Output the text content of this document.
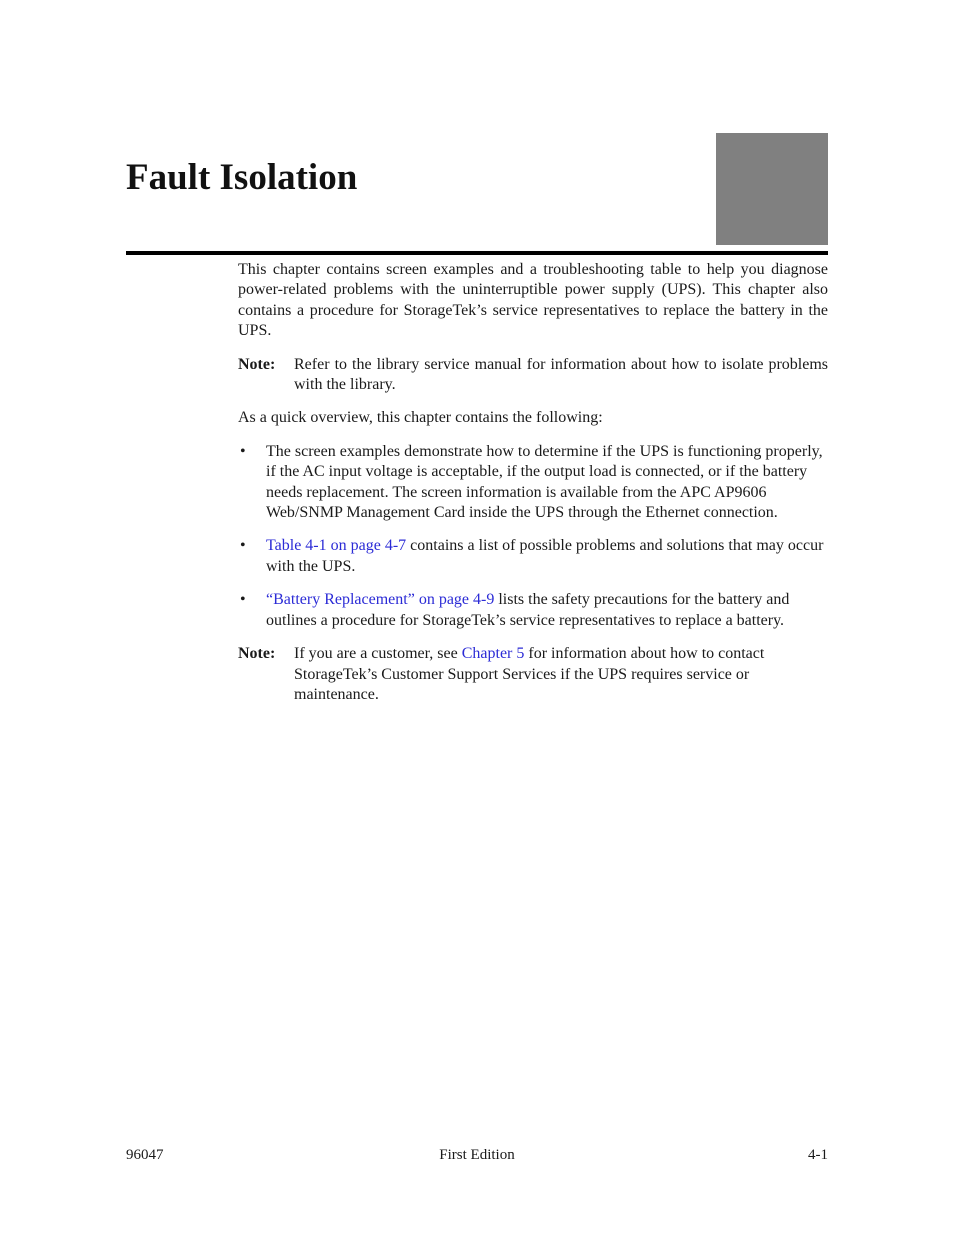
Fault Isolation

This chapter contains screen examples and a troubleshooting table to help you diagnose power-related problems with the uninterruptible power supply (UPS). This chapter also contains a procedure for StorageTek’s service representatives to replace the battery in the UPS.

Note:	Refer to the library service manual for information about how to isolate problems with the library.

As a quick overview, this chapter contains the following:

•	The screen examples demonstrate how to determine if the UPS is functioning properly, if the AC input voltage is acceptable, if the output load is connected, or if the battery needs replacement. The screen information is available from the APC AP9606 Web/SNMP Management Card inside the UPS through the Ethernet connection.
•	Table 4-1 on page 4-7 contains a list of possible problems and solutions that may occur with the UPS.
•	“Battery Replacement” on page 4-9 lists the safety precautions for the battery and outlines a procedure for StorageTek’s service representatives to replace a battery.
Note:	If you are a customer, see Chapter 5 for information about how to contact StorageTek’s Customer Support Services if the UPS requires service or maintenance.
96047	First Edition	4-1
